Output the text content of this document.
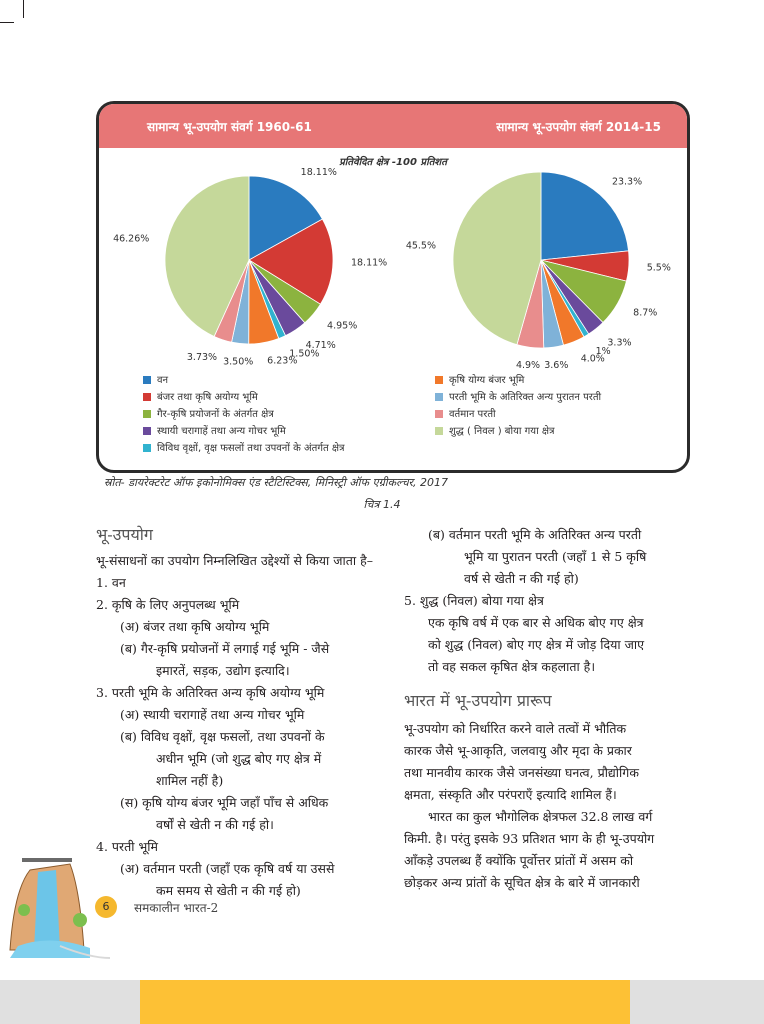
सामान्य भू-उपयोग संवर्ग 1960-61	सामान्य भू-उपयोग संवर्ग 2014-15
प्रतिवेदित क्षेत्र -100 प्रतिशत
18.11%
18.11%
4.95%
4.71%
1.50%
6.23%
3.50%
3.73%
46.26%
23.3%
5.5%
8.7%
3.3%
1%
4.0%
3.6%
4.9%
45.5%
वन
बंजर तथा कृषि अयोग्य भूमि
गैर-कृषि प्रयोजनों के अंतर्गत क्षेत्र
स्थायी चरागाहें तथा अन्य गोचर भूमि
विविध वृक्षों, वृक्ष फसलों तथा उपवनों के अंतर्गत क्षेत्र
कृषि योग्य बंजर भूमि
परती भूमि के अतिरिक्त अन्य पुरातन परती
वर्तमान परती
शुद्ध ( निवल ) बोया गया क्षेत्र
स्रोत- डायरेक्टरेट ऑफ इकोनोमिक्स एंड स्टैटिस्टिक्स, मिनिस्ट्री ऑफ एग्रीकल्चर, 2017
चित्र 1.4
भू-उपयोग
भू-संसाधनों का उपयोग निम्नलिखित उद्देश्यों से किया जाता है–
1. वन
2. कृषि के लिए अनुपलब्ध भूमि
(अ) बंजर तथा कृषि अयोग्य भूमि
(ब) गैर-कृषि प्रयोजनों में लगाई गई भूमि - जैसे
इमारतें, सड़क, उद्योग इत्यादि।
3. परती भूमि के अतिरिक्त अन्य कृषि अयोग्य भूमि
(अ) स्थायी चरागाहें तथा अन्य गोचर भूमि
(ब) विविध वृक्षों, वृक्ष फसलों, तथा उपवनों के
अधीन भूमि (जो शुद्ध बोए गए क्षेत्र में
शामिल नहीं है)
(स) कृषि योग्य बंजर भूमि जहाँ पाँच से अधिक
वर्षों से खेती न की गई हो।
4. परती भूमि
(अ) वर्तमान परती (जहाँ एक कृषि वर्ष या उससे
कम समय से खेती न की गई हो)
(ब) वर्तमान परती भूमि के अतिरिक्त अन्य परती
भूमि या पुरातन परती (जहाँ 1 से 5 कृषि
वर्ष से खेती न की गई हो)
5. शुद्ध (निवल) बोया गया क्षेत्र
एक कृषि वर्ष में एक बार से अधिक बोए गए क्षेत्र
को शुद्ध (निवल) बोए गए क्षेत्र में जोड़ दिया जाए
तो वह सकल कृषित क्षेत्र कहलाता है।
भारत में भू-उपयोग प्रारूप
भू-उपयोग को निर्धारित करने वाले तत्वों में भौतिक
कारक जैसे भू-आकृति, जलवायु और मृदा के प्रकार
तथा मानवीय कारक जैसे जनसंख्या घनत्व, प्रौद्योगिक
क्षमता, संस्कृति और परंपराएँ इत्यादि शामिल हैं।
भारत का कुल भौगोलिक क्षेत्रफल 32.8 लाख वर्ग
किमी. है। परंतु इसके 93 प्रतिशत भाग के ही भू-उपयोग
आँकड़े उपलब्ध हैं क्योंकि पूर्वोत्तर प्रांतों में असम को
छोड़कर अन्य प्रांतों के सूचित क्षेत्र के बारे में जानकारी
6	समकालीन भारत-2
